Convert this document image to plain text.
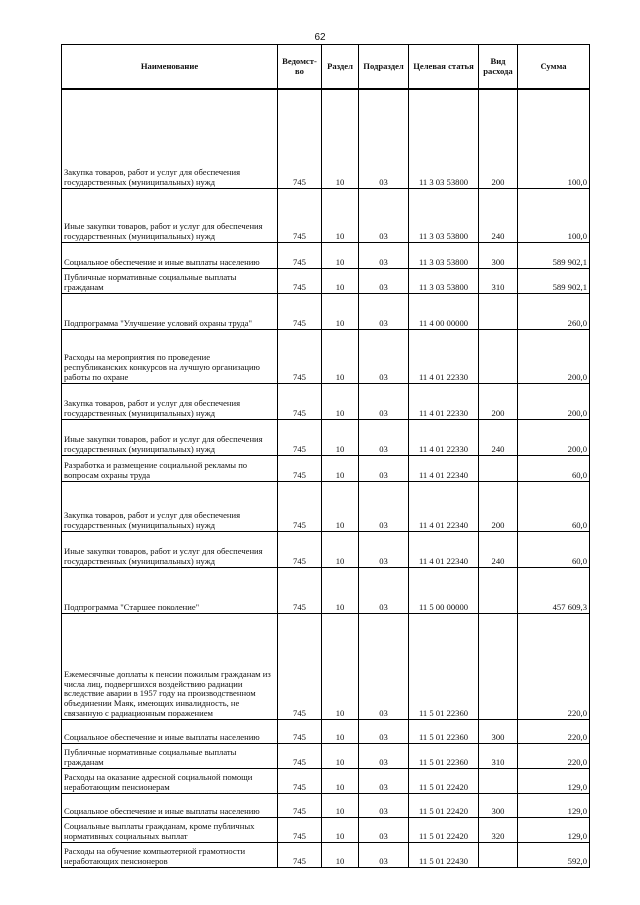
62
Наименование	Ведомст-во	Раздел	Подраздел	Целевая статья	Вид расхода	Сумма
Закупка товаров, работ и услуг для обеспечения государственных (муниципальных) нужд	745	10	03	11 3 03 53800	200	100,0
Иные закупки товаров, работ и услуг для обеспечения государственных (муниципальных) нужд	745	10	03	11 3 03 53800	240	100,0
Социальное обеспечение и иные выплаты населению	745	10	03	11 3 03 53800	300	589 902,1
Публичные нормативные социальные выплаты гражданам	745	10	03	11 3 03 53800	310	589 902,1
Подпрограмма "Улучшение условий охраны труда"	745	10	03	11 4 00 00000		260,0
Расходы на мероприятия по проведение республиканских конкурсов на лучшую организацию работы по охране	745	10	03	11 4 01 22330		200,0
Закупка товаров, работ и услуг для обеспечения государственных (муниципальных) нужд	745	10	03	11 4 01 22330	200	200,0
Иные закупки товаров, работ и услуг для обеспечения государственных (муниципальных) нужд	745	10	03	11 4 01 22330	240	200,0
Разработка и размещение социальной рекламы по вопросам охраны труда	745	10	03	11 4 01 22340		60,0
Закупка товаров, работ и услуг для обеспечения государственных (муниципальных) нужд	745	10	03	11 4 01 22340	200	60,0
Иные закупки товаров, работ и услуг для обеспечения государственных (муниципальных) нужд	745	10	03	11 4 01 22340	240	60,0
Подпрограмма "Старшее поколение"	745	10	03	11 5 00 00000		457 609,3
Ежемесячные доплаты к пенсии пожилым гражданам из числа лиц, подвергшихся воздействию радиации вследствие аварии в 1957 году на производственном объединении Маяк, имеющих инвалидность, не связанную с радиационным поражением	745	10	03	11 5 01 22360		220,0
Социальное обеспечение и иные выплаты населению	745	10	03	11 5 01 22360	300	220,0
Публичные нормативные социальные выплаты гражданам	745	10	03	11 5 01 22360	310	220,0
Расходы на оказание адресной социальной помощи неработающим пенсионерам	745	10	03	11 5 01 22420		129,0
Социальное обеспечение и иные выплаты населению	745	10	03	11 5 01 22420	300	129,0
Социальные выплаты гражданам, кроме публичных нормативных социальных выплат	745	10	03	11 5 01 22420	320	129,0
Расходы на обучение компьютерной грамотности неработающих пенсионеров	745	10	03	11 5 01 22430		592,0
